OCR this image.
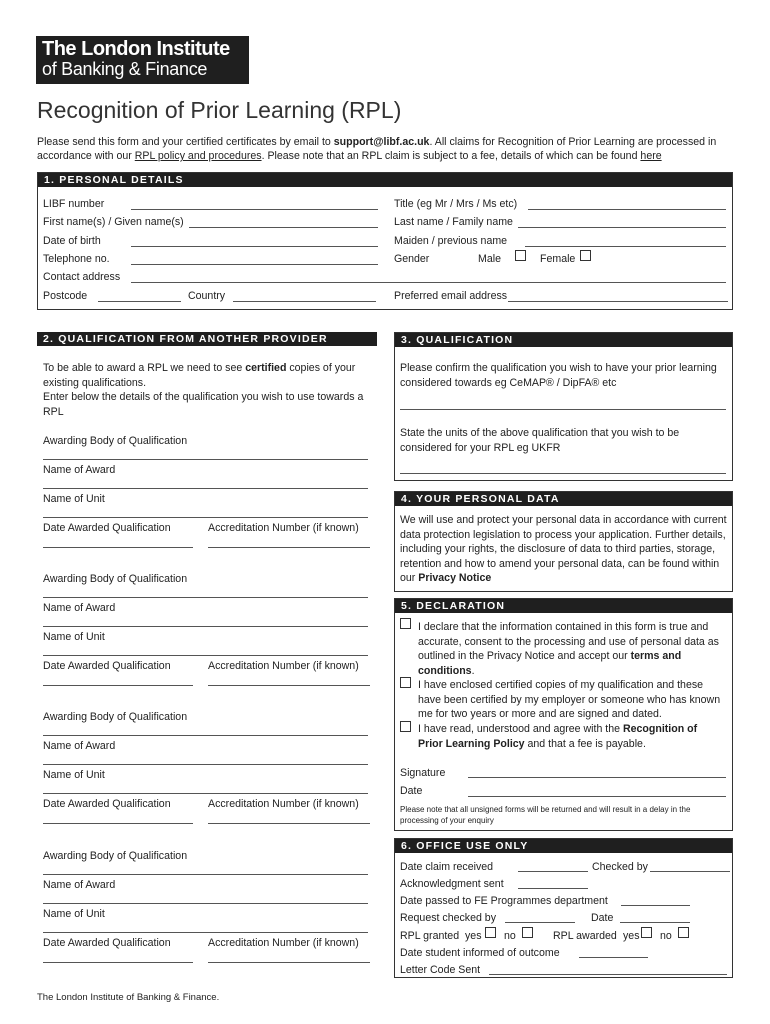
The London Institute
of Banking & Finance
Recognition of Prior Learning (RPL)
Please send this form and your certified certificates by email to support@libf.ac.uk. All claims for Recognition of Prior Learning are processed in accordance with our RPL policy and procedures. Please note that an RPL claim is subject to a fee, details of which can be found here
1. PERSONAL DETAILS
LIBF number
First name(s) / Given name(s)
Date of birth
Telephone no.
Contact address
Postcode	Country
Title (eg Mr / Mrs / Ms etc)
Last name / Family name
Maiden / previous name
Gender	Male	Female
Preferred email address
2. QUALIFICATION FROM ANOTHER PROVIDER
To be able to award a RPL we need to see certified copies of your existing qualifications.
Enter below the details of the qualification you wish to use towards a RPL
Awarding Body of Qualification
Name of Award
Name of Unit
Date Awarded Qualification	Accreditation Number (if known)
Awarding Body of Qualification
Name of Award
Name of Unit
Date Awarded Qualification	Accreditation Number (if known)
Awarding Body of Qualification
Name of Award
Name of Unit
Date Awarded Qualification	Accreditation Number (if known)
Awarding Body of Qualification
Name of Award
Name of Unit
Date Awarded Qualification	Accreditation Number (if known)
3. QUALIFICATION
Please confirm the qualification you wish to have your prior learning considered towards eg CeMAP® / DipFA® etc
State the units of the above qualification that you wish to be considered for your RPL eg UKFR
4. YOUR PERSONAL DATA
We will use and protect your personal data in accordance with current data protection legislation to process your application. Further details, including your rights, the disclosure of data to third parties, storage, retention and how to amend your personal data, can be found within our Privacy Notice
5. DECLARATION
I declare that the information contained in this form is true and accurate, consent to the processing and use of personal data as outlined in the Privacy Notice and accept our terms and conditions.
I have enclosed certified copies of my qualification and these have been certified by my employer or someone who has known me for two years or more and are signed and dated.
I have read, understood and agree with the Recognition of Prior Learning Policy and that a fee is payable.
Signature
Date
Please note that all unsigned forms will be returned and will result in a delay in the processing of your enquiry
6. OFFICE USE ONLY
Date claim received	Checked by
Acknowledgment sent
Date passed to FE Programmes department
Request checked by	Date
RPL granted yes no	RPL awarded yes no
Date student informed of outcome
Letter Code Sent
The London Institute of Banking & Finance.
